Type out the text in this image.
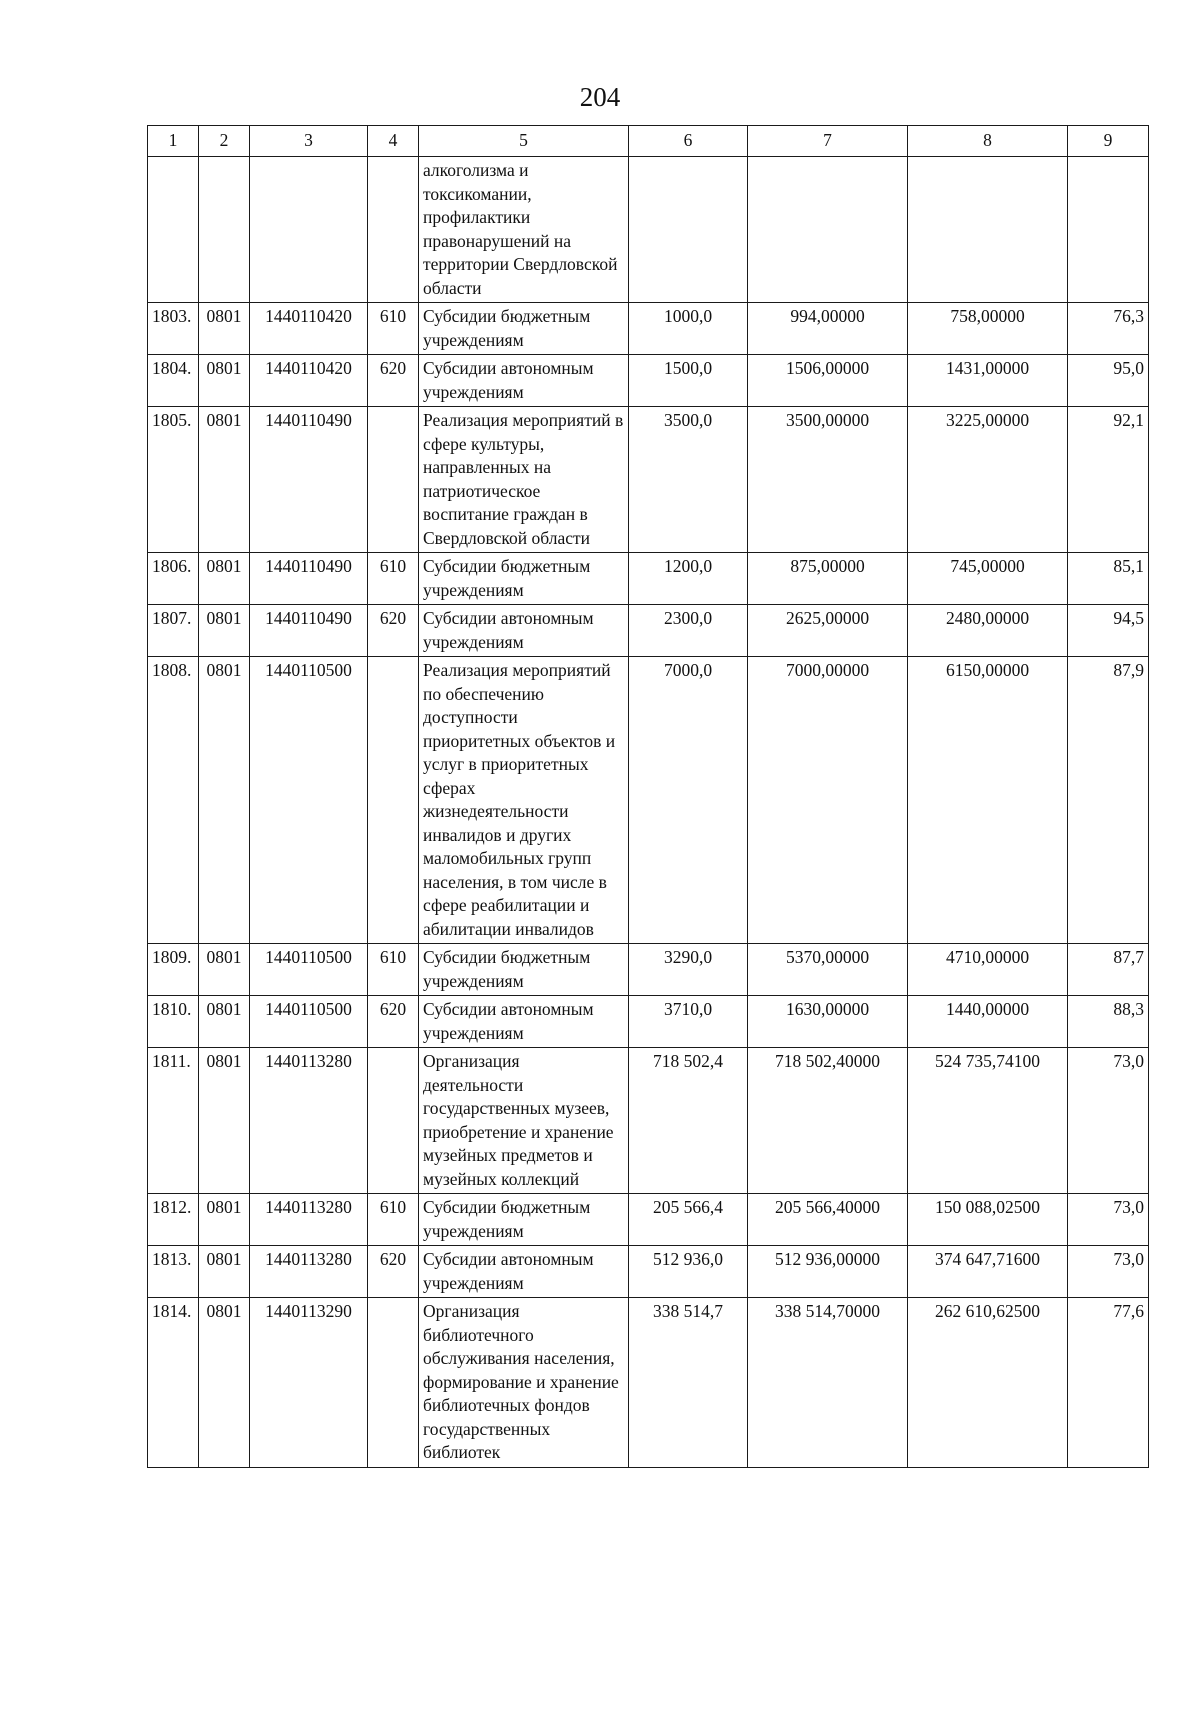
204
1	2	3	4	5	6	7	8	9
				алкоголизма и токсикомании, профилактики правонарушений на территории Свердловской области				
1803.	0801	1440110420	610	Субсидии бюджетным учреждениям	1000,0	994,00000	758,00000	76,3
1804.	0801	1440110420	620	Субсидии автономным учреждениям	1500,0	1506,00000	1431,00000	95,0
1805.	0801	1440110490		Реализация мероприятий в сфере культуры, направленных на патриотическое воспитание граждан в Свердловской области	3500,0	3500,00000	3225,00000	92,1
1806.	0801	1440110490	610	Субсидии бюджетным учреждениям	1200,0	875,00000	745,00000	85,1
1807.	0801	1440110490	620	Субсидии автономным учреждениям	2300,0	2625,00000	2480,00000	94,5
1808.	0801	1440110500		Реализация мероприятий по обеспечению доступности приоритетных объектов и услуг в приоритетных сферах жизнедеятельности инвалидов и других маломобильных групп населения, в том числе в сфере реабилитации и абилитации инвалидов	7000,0	7000,00000	6150,00000	87,9
1809.	0801	1440110500	610	Субсидии бюджетным учреждениям	3290,0	5370,00000	4710,00000	87,7
1810.	0801	1440110500	620	Субсидии автономным учреждениям	3710,0	1630,00000	1440,00000	88,3
1811.	0801	1440113280		Организация деятельности государственных музеев, приобретение и хранение музейных предметов и музейных коллекций	718 502,4	718 502,40000	524 735,74100	73,0
1812.	0801	1440113280	610	Субсидии бюджетным учреждениям	205 566,4	205 566,40000	150 088,02500	73,0
1813.	0801	1440113280	620	Субсидии автономным учреждениям	512 936,0	512 936,00000	374 647,71600	73,0
1814.	0801	1440113290		Организация библиотечного обслуживания населения, формирование и хранение библиотечных фондов государственных библиотек	338 514,7	338 514,70000	262 610,62500	77,6
